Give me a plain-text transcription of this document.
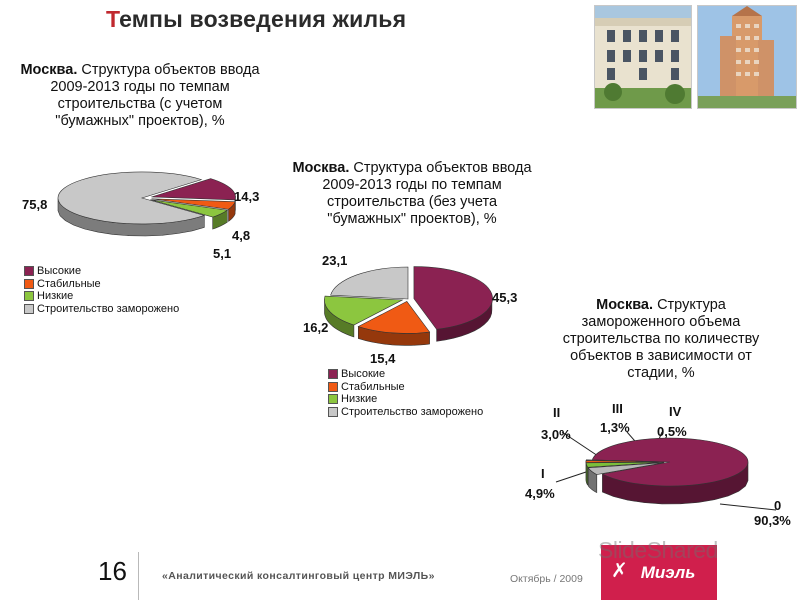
Темпы возведения жилья
Москва. Структура объектов ввода 2009-2013 годы по темпам строительства (с учетом "бумажных" проектов), %
75,8
14,3
4,8
5,1
Высокие
Стабильные
Низкие
Строительство заморожено
Москва. Структура объектов ввода 2009-2013 годы по темпам строительства (без учета "бумажных" проектов), %
23,1
45,3
16,2
15,4
Высокие
Стабильные
Низкие
Строительство заморожено
Москва. Структура замороженного объема строительства по количеству объектов в зависимости от стадии, %
II
3,0%
III
1,3%
IV
0,5%
I
4,9%
0
90,3%
16	«Аналитический консалтинговый центр МИЭЛЬ»	Октябрь / 2009 ✗ Миэль
SlideShared
